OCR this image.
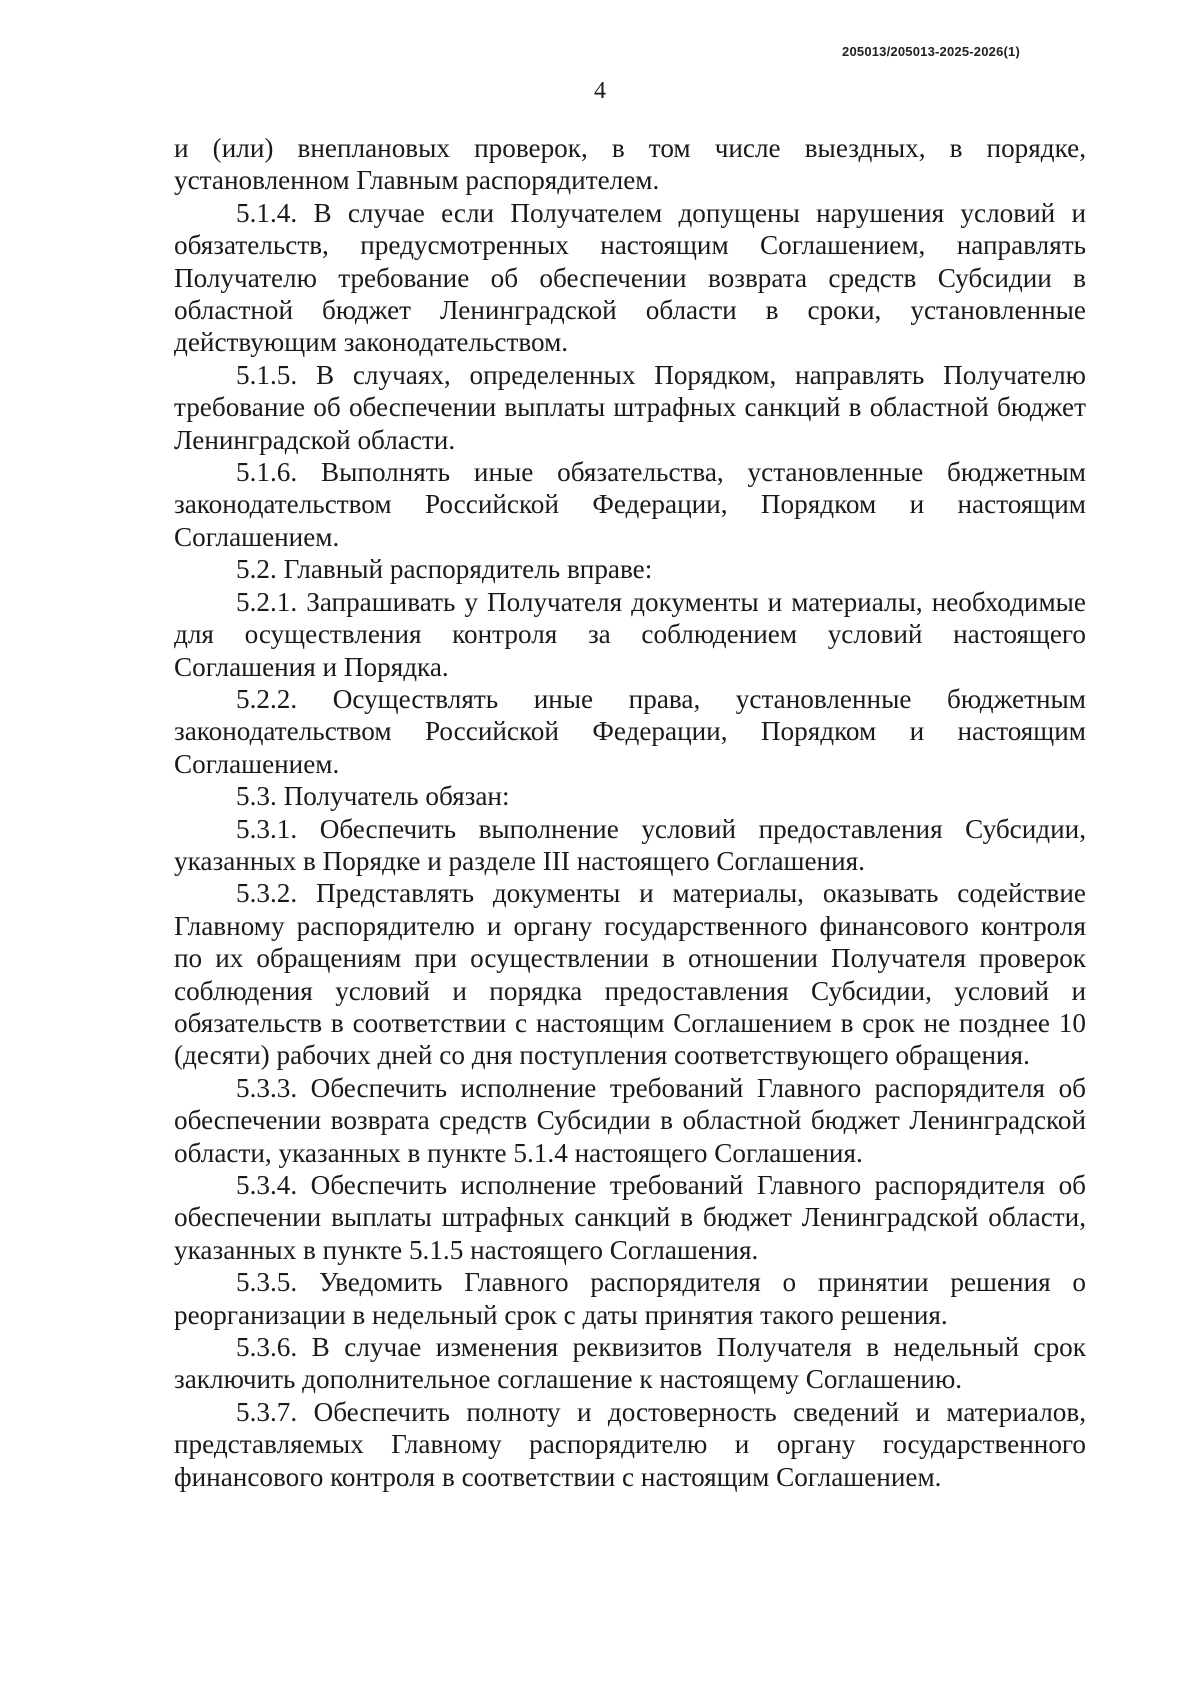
205013/205013-2025-2026(1)
4

и (или) внеплановых проверок, в том числе выездных, в порядке, установленном Главным распорядителем.

5.1.4. В случае если Получателем допущены нарушения условий и обязательств, предусмотренных настоящим Соглашением, направлять Получателю требование об обеспечении возврата средств Субсидии в областной бюджет Ленинградской области в сроки, установленные действующим законодательством.

5.1.5. В случаях, определенных Порядком, направлять Получателю требование об обеспечении выплаты штрафных санкций в областной бюджет Ленинградской области.

5.1.6. Выполнять иные обязательства, установленные бюджетным законодательством Российской Федерации, Порядком и настоящим Соглашением.

5.2. Главный распорядитель вправе:

5.2.1. Запрашивать у Получателя документы и материалы, необходимые для осуществления контроля за соблюдением условий настоящего Соглашения и Порядка.

5.2.2. Осуществлять иные права, установленные бюджетным законодательством Российской Федерации, Порядком и настоящим Соглашением.

5.3. Получатель обязан:

5.3.1. Обеспечить выполнение условий предоставления Субсидии, указанных в Порядке и разделе III настоящего Соглашения.

5.3.2. Представлять документы и материалы, оказывать содействие Главному распорядителю и органу государственного финансового контроля по их обращениям при осуществлении в отношении Получателя проверок соблюдения условий и порядка предоставления Субсидии, условий и обязательств в соответствии с настоящим Соглашением в срок не позднее 10 (десяти) рабочих дней со дня поступления соответствующего обращения.

5.3.3. Обеспечить исполнение требований Главного распорядителя об обеспечении возврата средств Субсидии в областной бюджет Ленинградской области, указанных в пункте 5.1.4 настоящего Соглашения.

5.3.4. Обеспечить исполнение требований Главного распорядителя об обеспечении выплаты штрафных санкций в бюджет Ленинградской области, указанных в пункте 5.1.5 настоящего Соглашения.

5.3.5. Уведомить Главного распорядителя о принятии решения о реорганизации в недельный срок с даты принятия такого решения.

5.3.6. В случае изменения реквизитов Получателя в недельный срок заключить дополнительное соглашение к настоящему Соглашению.

5.3.7. Обеспечить полноту и достоверность сведений и материалов, представляемых Главному распорядителю и органу государственного финансового контроля в соответствии с настоящим Соглашением.
